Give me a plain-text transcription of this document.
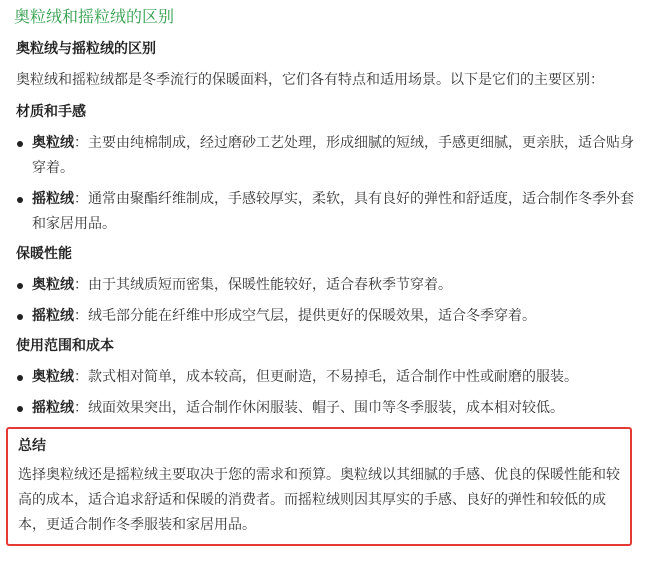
奥粒绒和摇粒绒的区别
奥粒绒与摇粒绒的区别
奥粒绒和摇粒绒都是冬季流行的保暖面料，它们各有特点和适用场景。以下是它们的主要区别：
材质和手感
奥粒绒：主要由纯棉制成，经过磨砂工艺处理，形成细腻的短绒，手感更细腻，更亲肤，适合贴身穿着。
摇粒绒：通常由聚酯纤维制成，手感较厚实，柔软，具有良好的弹性和舒适度，适合制作冬季外套和家居用品。
保暖性能
奥粒绒：由于其绒质短而密集，保暖性能较好，适合春秋季节穿着。
摇粒绒：绒毛部分能在纤维中形成空气层，提供更好的保暖效果，适合冬季穿着。
使用范围和成本
奥粒绒：款式相对简单，成本较高，但更耐造，不易掉毛，适合制作中性或耐磨的服装。
摇粒绒：绒面效果突出，适合制作休闲服装、帽子、围巾等冬季服装，成本相对较低。
总结
选择奥粒绒还是摇粒绒主要取决于您的需求和预算。奥粒绒以其细腻的手感、优良的保暖性能和较高的成本，适合追求舒适和保暖的消费者。而摇粒绒则因其厚实的手感、良好的弹性和较低的成本，更适合制作冬季服装和家居用品。
